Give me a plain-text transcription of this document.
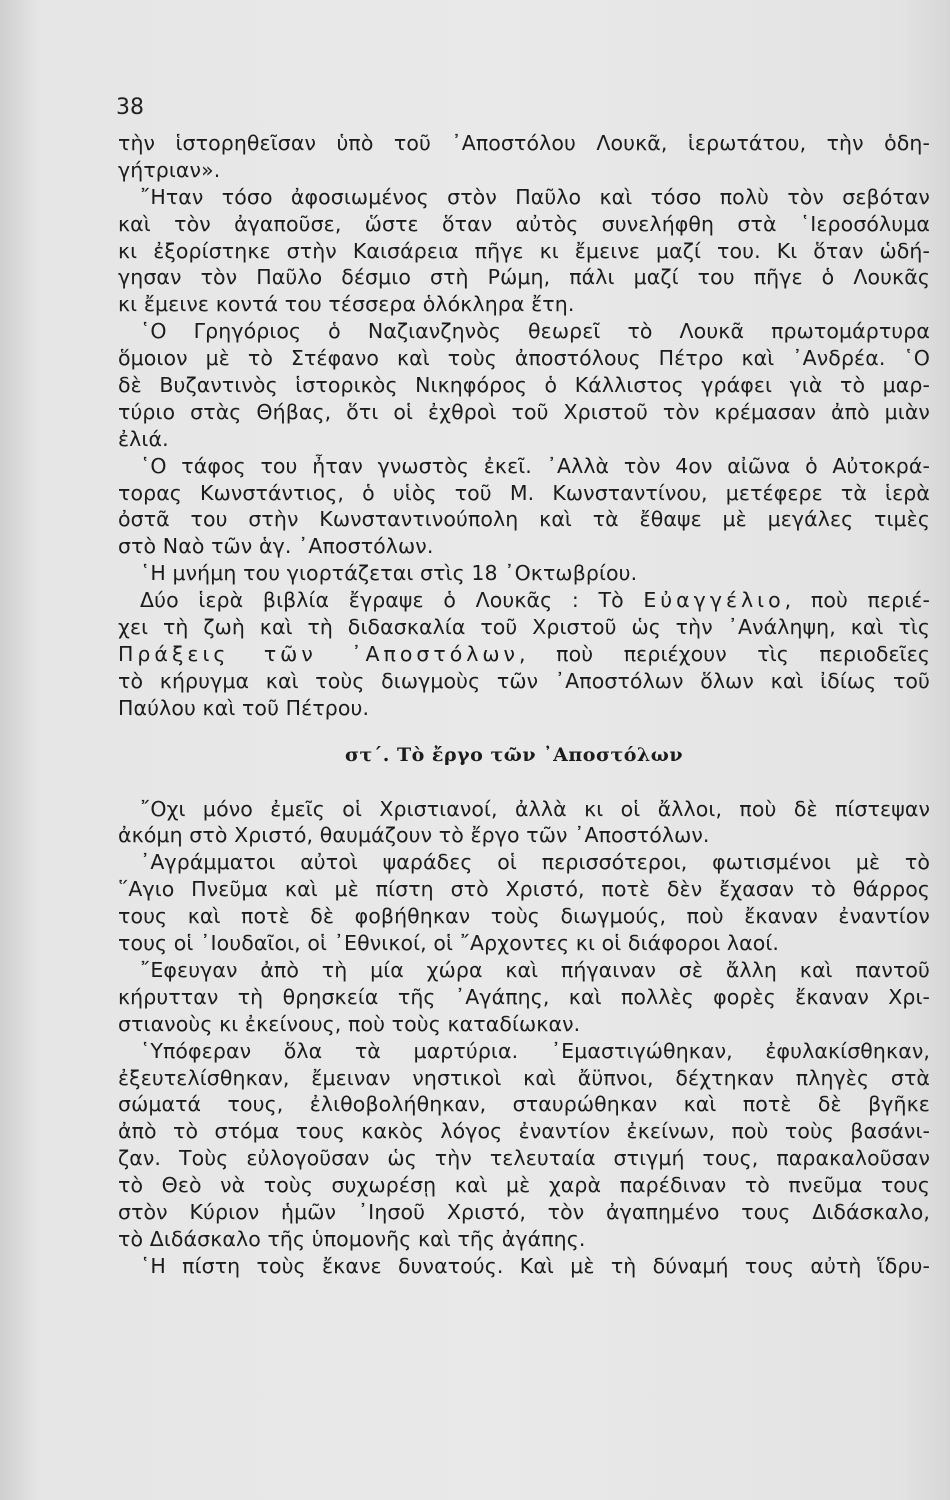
38
τὴν ἱστορηθεῖσαν ὑπὸ τοῦ ᾿Αποστόλου Λουκᾶ, ἱερωτάτου, τὴν ὁδη-
γήτριαν».
῎Ηταν τόσο ἀφοσιωμένος στὸν Παῦλο καὶ τόσο πολὺ τὸν σεβόταν
καὶ τὸν ἀγαποῦσε, ὥστε ὅταν αὐτὸς συνελήφθη στὰ ῾Ιεροσόλυμα
κι ἐξορίστηκε στὴν Καισάρεια πῆγε κι ἔμεινε μαζί του. Κι ὅταν ὡδή-
γησαν τὸν Παῦλο δέσμιο στὴ Ρώμη, πάλι μαζί του πῆγε ὁ Λουκᾶς
κι ἔμεινε κοντά του τέσσερα ὁλόκληρα ἔτη.
῾Ο Γρηγόριος ὁ Ναζιανζηνὸς θεωρεῖ τὸ Λουκᾶ πρωτομάρτυρα
ὅμοιον μὲ τὸ Στέφανο καὶ τοὺς ἀποστόλους Πέτρο καὶ ᾿Ανδρέα. ῾Ο
δὲ Βυζαντινὸς ἱστορικὸς Νικηφόρος ὁ Κάλλιστος γράφει γιὰ τὸ μαρ-
τύριο στὰς Θήβας, ὅτι οἱ ἐχθροὶ τοῦ Χριστοῦ τὸν κρέμασαν ἀπὸ μιὰν
ἐλιά.
῾Ο τάφος του ἦταν γνωστὸς ἐκεῖ. ᾿Αλλὰ τὸν 4ον αἰῶνα ὁ Αὐτοκρά-
τορας Κωνστάντιος, ὁ υἱὸς τοῦ Μ. Κωνσταντίνου, μετέφερε τὰ ἱερὰ
ὀστᾶ του στὴν Κωνσταντινούπολη καὶ τὰ ἔθαψε μὲ μεγάλες τιμὲς
στὸ Ναὸ τῶν ἁγ. ᾿Αποστόλων.
῾Η μνήμη του γιορτάζεται στὶς 18 ᾿Οκτωβρίου.
Δύο ἱερὰ βιβλία ἔγραψε ὁ Λουκᾶς : Τὸ Εὐαγγέλιο, ποὺ περιέ-
χει τὴ ζωὴ καὶ τὴ διδασκαλία τοῦ Χριστοῦ ὡς τὴν ᾿Ανάληψη, καὶ τὶς
Πράξεις τῶν ᾿Αποστόλων, ποὺ περιέχουν τὶς περιοδεῖες
τὸ κήρυγμα καὶ τοὺς διωγμοὺς τῶν ᾿Αποστόλων ὅλων καὶ ἰδίως τοῦ
Παύλου καὶ τοῦ Πέτρου.
στ΄. Τὸ ἔργο τῶν ᾿Αποστόλων
῎Οχι μόνο ἐμεῖς οἱ Χριστιανοί, ἀλλὰ κι οἱ ἄλλοι, ποὺ δὲ πίστεψαν
ἀκόμη στὸ Χριστό, θαυμάζουν τὸ ἔργο τῶν ᾿Αποστόλων.
᾿Αγράμματοι αὐτοὶ ψαράδες οἱ περισσότεροι, φωτισμένοι μὲ τὸ
῞Αγιο Πνεῦμα καὶ μὲ πίστη στὸ Χριστό, ποτὲ δὲν ἔχασαν τὸ θάρρος
τους καὶ ποτὲ δὲ φοβήθηκαν τοὺς διωγμούς, ποὺ ἔκαναν ἐναντίον
τους οἱ ᾿Ιουδαῖοι, οἱ ᾿Εθνικοί, οἱ ῎Αρχοντες κι οἱ διάφοροι λαοί.
῎Εφευγαν ἀπὸ τὴ μία χώρα καὶ πήγαιναν σὲ ἄλλη καὶ παντοῦ
κήρυτταν τὴ θρησκεία τῆς ᾿Αγάπης, καὶ πολλὲς φορὲς ἔκαναν Χρι-
στιανοὺς κι ἐκείνους, ποὺ τοὺς καταδίωκαν.
῾Υπόφεραν ὅλα τὰ μαρτύρια. ᾿Εμαστιγώθηκαν, ἐφυλακίσθηκαν,
ἐξευτελίσθηκαν, ἔμειναν νηστικοὶ καὶ ἄϋπνοι, δέχτηκαν πληγὲς στὰ
σώματά τους, ἐλιθοβολήθηκαν, σταυρώθηκαν καὶ ποτὲ δὲ βγῆκε
ἀπὸ τὸ στόμα τους κακὸς λόγος ἐναντίον ἐκείνων, ποὺ τοὺς βασάνι-
ζαν. Τοὺς εὐλογοῦσαν ὡς τὴν τελευταία στιγμή τους, παρακαλοῦσαν
τὸ Θεὸ νὰ τοὺς συχωρέσῃ καὶ μὲ χαρὰ παρέδιναν τὸ πνεῦμα τους
στὸν Κύριον ἡμῶν ᾿Ιησοῦ Χριστό, τὸν ἀγαπημένο τους Διδάσκαλο,
τὸ Διδάσκαλο τῆς ὑπομονῆς καὶ τῆς ἀγάπης.
῾Η πίστη τοὺς ἔκανε δυνατούς. Καὶ μὲ τὴ δύναμή τους αὐτὴ ἵδρυ-
